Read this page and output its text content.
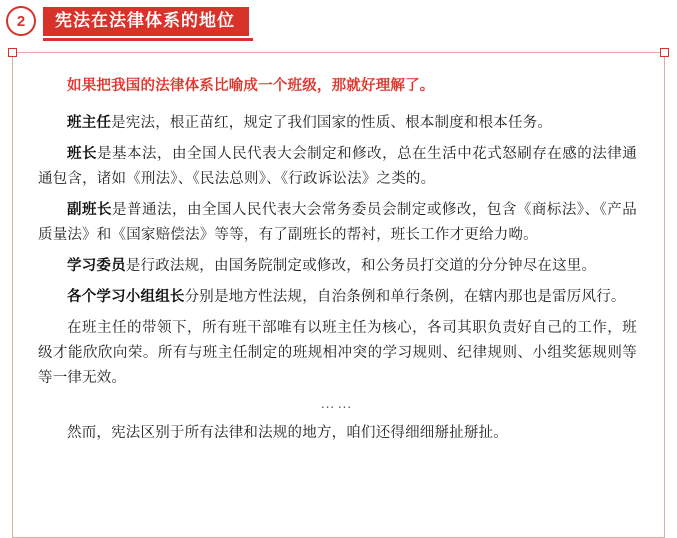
2	宪法在法律体系的地位

如果把我国的法律体系比喻成一个班级，那就好理解了。

班主任是宪法，根正苗红，规定了我们国家的性质、根本制度和根本任务。

班长是基本法，由全国人民代表大会制定和修改，总在生活中花式怒刷存在感的法律通通包含，诸如《刑法》、《民法总则》、《行政诉讼法》之类的。

副班长是普通法，由全国人民代表大会常务委员会制定或修改，包含《商标法》、《产品质量法》和《国家赔偿法》等等，有了副班长的帮衬，班长工作才更给力呦。

学习委员是行政法规，由国务院制定或修改，和公务员打交道的分分钟尽在这里。

各个学习小组组长分别是地方性法规，自治条例和单行条例，在辖内那也是雷厉风行。

在班主任的带领下，所有班干部唯有以班主任为核心，各司其职负责好自己的工作，班级才能欣欣向荣。所有与班主任制定的班规相冲突的学习规则、纪律规则、小组奖惩规则等等一律无效。

……

然而，宪法区别于所有法律和法规的地方，咱们还得细细掰扯掰扯。
